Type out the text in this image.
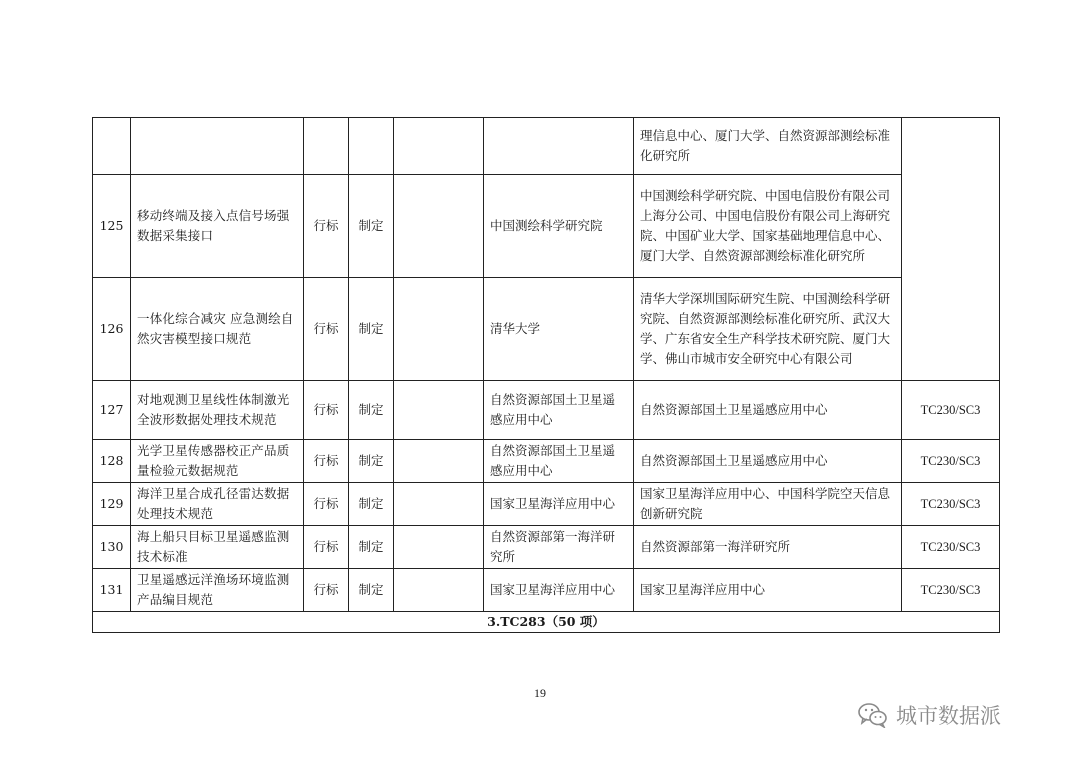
						理信息中心、厦门大学、自然资源部测绘标准化研究所	
125	移动终端及接入点信号场强数据采集接口	行标	制定		中国测绘科学研究院	中国测绘科学研究院、中国电信股份有限公司上海分公司、中国电信股份有限公司上海研究院、中国矿业大学、国家基础地理信息中心、厦门大学、自然资源部测绘标准化研究所	
126	一体化综合减灾 应急测绘自然灾害模型接口规范	行标	制定		清华大学	清华大学深圳国际研究生院、中国测绘科学研究院、自然资源部测绘标准化研究所、武汉大学、广东省安全生产科学技术研究院、厦门大学、佛山市城市安全研究中心有限公司	
127	对地观测卫星线性体制激光全波形数据处理技术规范	行标	制定		自然资源部国土卫星遥感应用中心	自然资源部国土卫星遥感应用中心	TC230/SC3
128	光学卫星传感器校正产品质量检验元数据规范	行标	制定		自然资源部国土卫星遥感应用中心	自然资源部国土卫星遥感应用中心	TC230/SC3
129	海洋卫星合成孔径雷达数据处理技术规范	行标	制定		国家卫星海洋应用中心	国家卫星海洋应用中心、中国科学院空天信息创新研究院	TC230/SC3
130	海上船只目标卫星遥感监测技术标准	行标	制定		自然资源部第一海洋研究所	自然资源部第一海洋研究所	TC230/SC3
131	卫星遥感远洋渔场环境监测产品编目规范	行标	制定		国家卫星海洋应用中心	国家卫星海洋应用中心	TC230/SC3
3.TC283（50 项）							
19
城市数据派
